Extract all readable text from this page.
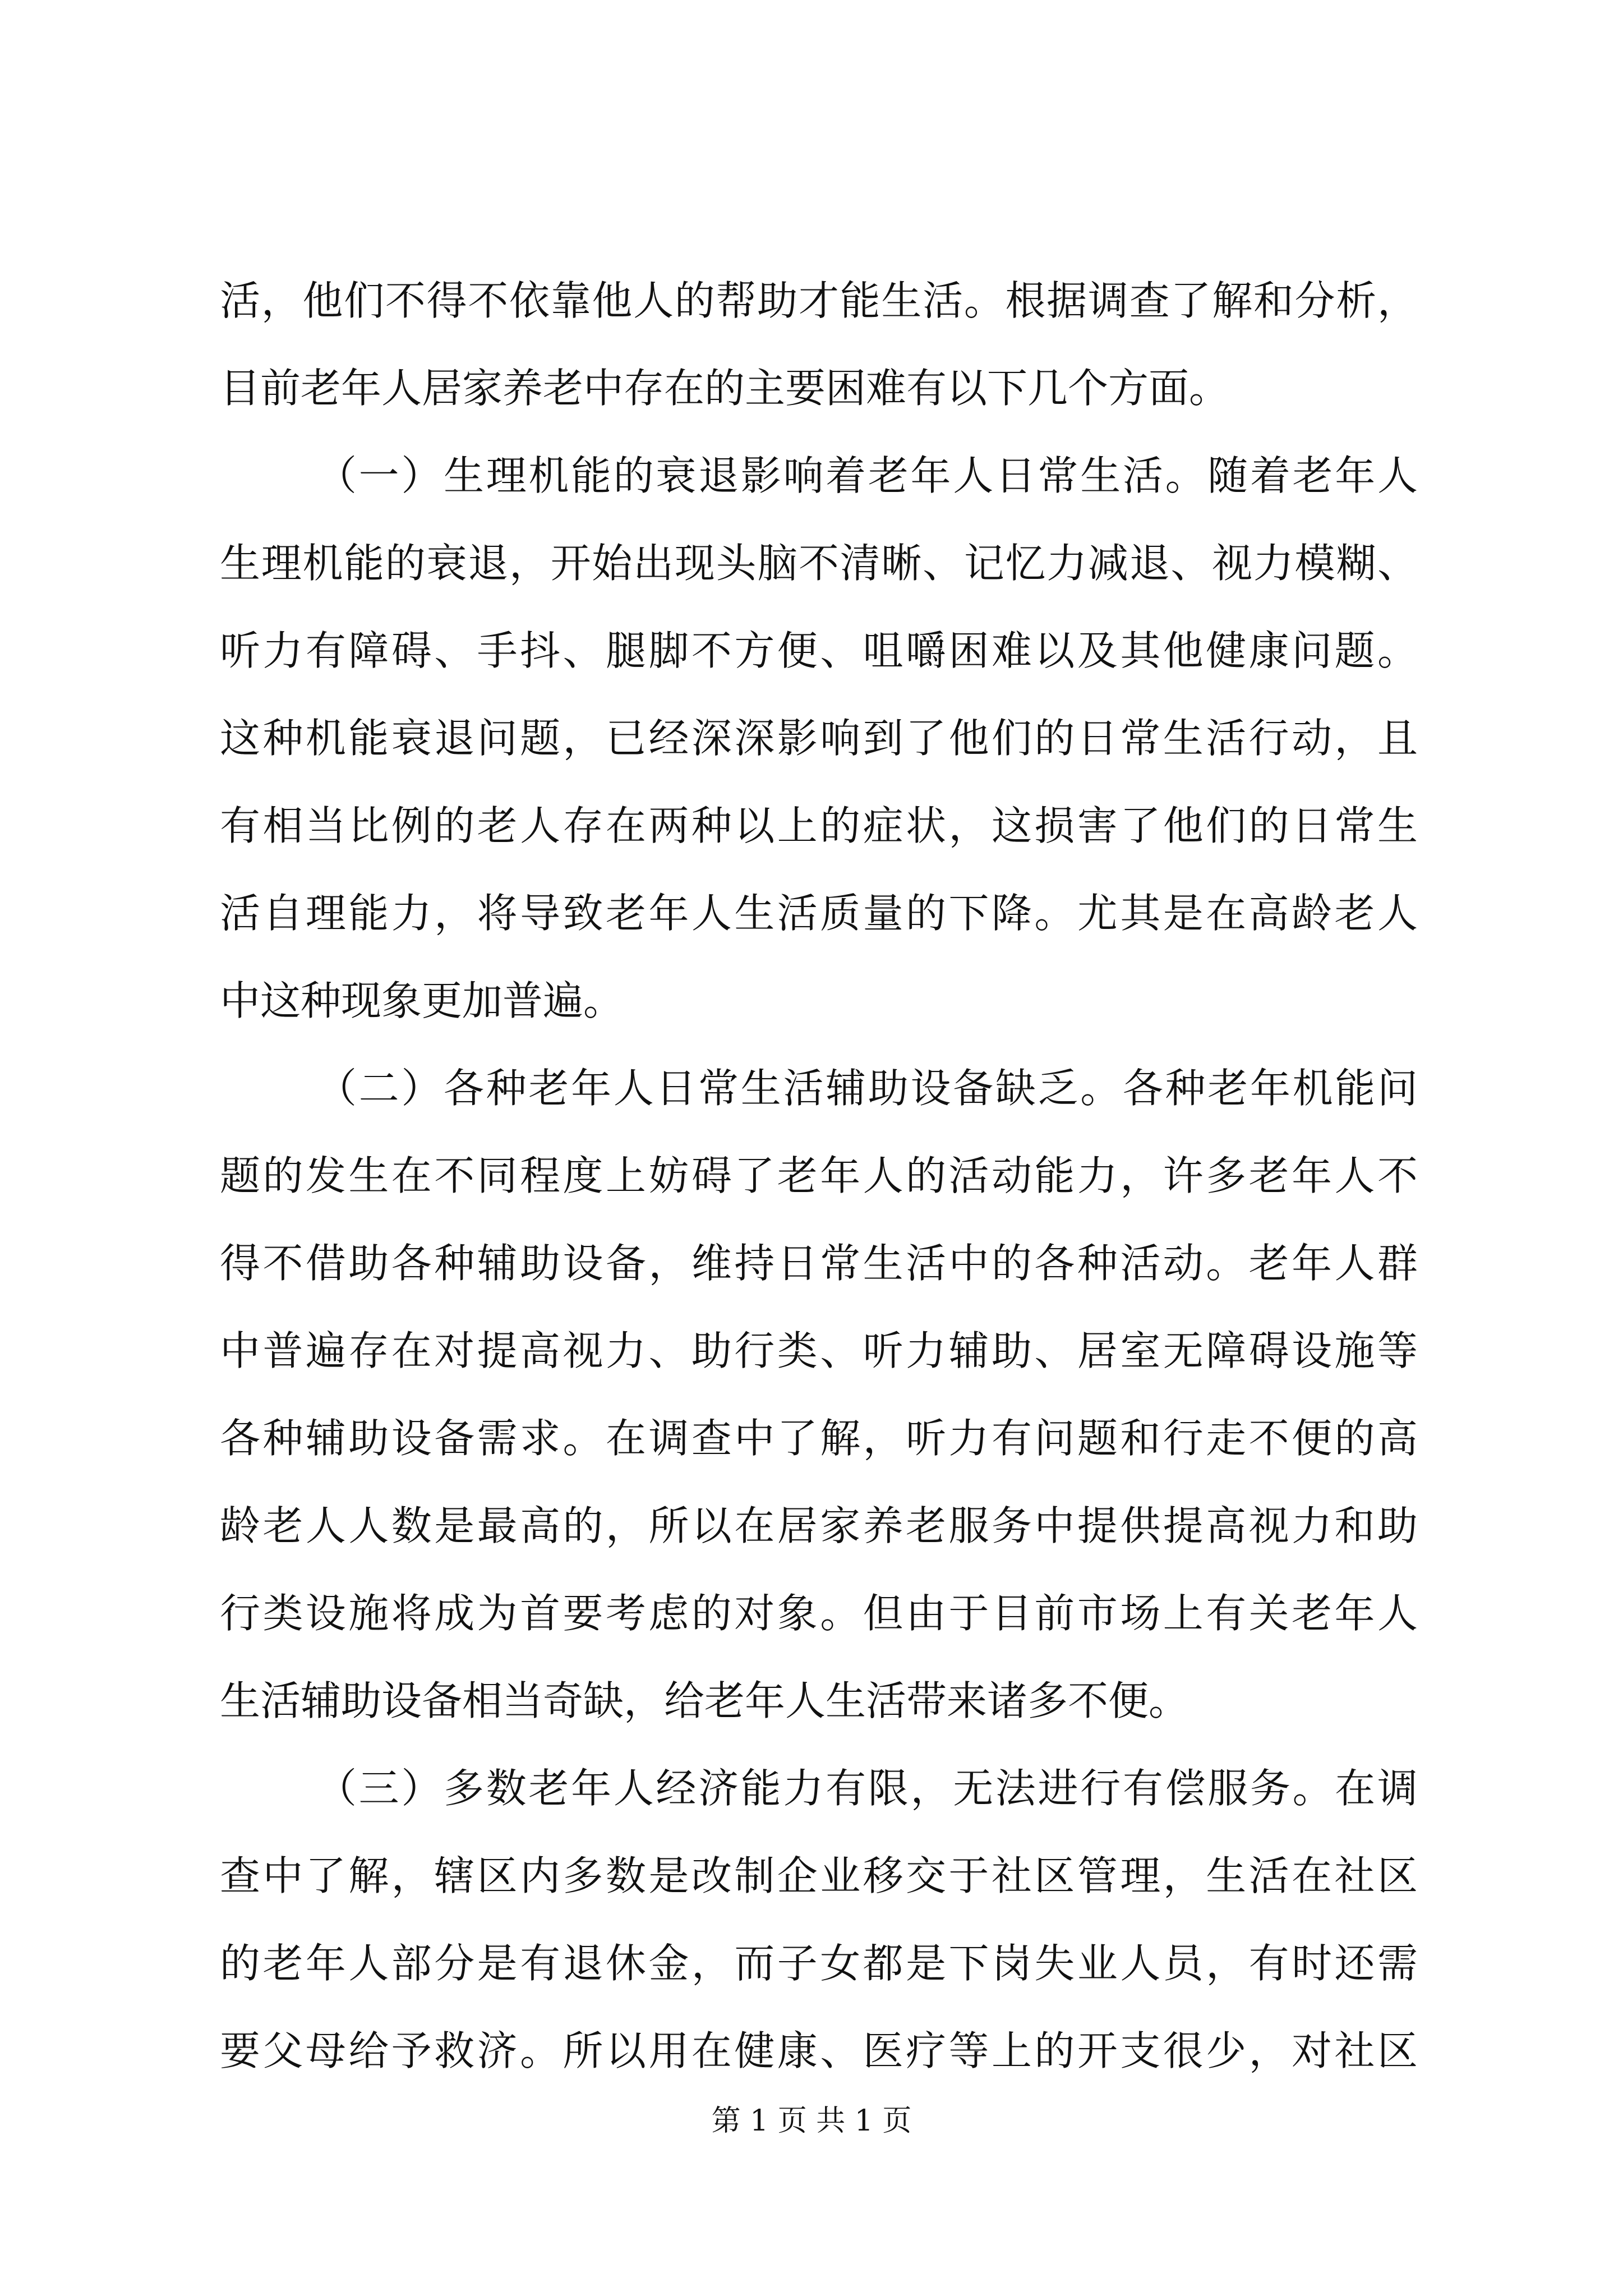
活，他们不得不依靠他人的帮助才能生活。根据调查了解和分析，
目前老年人居家养老中存在的主要困难有以下几个方面。
（一）生理机能的衰退影响着老年人日常生活。随着老年人
生理机能的衰退，开始出现头脑不清晰、记忆力减退、视力模糊、
听力有障碍、手抖、腿脚不方便、咀嚼困难以及其他健康问题。
这种机能衰退问题，已经深深影响到了他们的日常生活行动，且
有相当比例的老人存在两种以上的症状，这损害了他们的日常生
活自理能力，将导致老年人生活质量的下降。尤其是在高龄老人
中这种现象更加普遍。
（二）各种老年人日常生活辅助设备缺乏。各种老年机能问
题的发生在不同程度上妨碍了老年人的活动能力，许多老年人不
得不借助各种辅助设备，维持日常生活中的各种活动。老年人群
中普遍存在对提高视力、助行类、听力辅助、居室无障碍设施等
各种辅助设备需求。在调查中了解，听力有问题和行走不便的高
龄老人人数是最高的，所以在居家养老服务中提供提高视力和助
行类设施将成为首要考虑的对象。但由于目前市场上有关老年人
生活辅助设备相当奇缺，给老年人生活带来诸多不便。
（三）多数老年人经济能力有限，无法进行有偿服务。在调
查中了解，辖区内多数是改制企业移交于社区管理，生活在社区
的老年人部分是有退休金，而子女都是下岗失业人员，有时还需
要父母给予救济。所以用在健康、医疗等上的开支很少，对社区
第 1 页 共 1 页
